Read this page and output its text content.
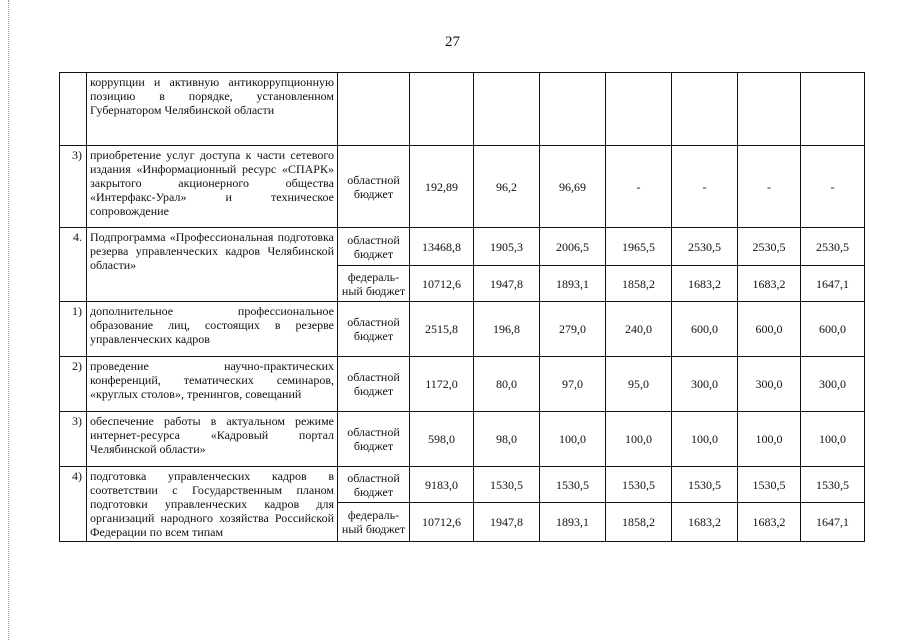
27
	коррупции и активную антикоррупционную позицию в порядке, установленном Губернатором Челябинской области								
3)	приобретение услуг доступа к части сетевого издания «Информационный ресурс «СПАРК» закрытого акционерного общества «Интерфакс-Урал» и техническое сопровождение	областной бюджет	192,89	96,2	96,69	-	-	-	-
4.	Подпрограмма «Профессиональная подготовка резерва управленческих кадров Челябинской области»	областной бюджет	13468,8	1905,3	2006,5	1965,5	2530,5	2530,5	2530,5
		федераль-ный бюджет	10712,6	1947,8	1893,1	1858,2	1683,2	1683,2	1647,1
1)	дополнительное профессиональное образование лиц, состоящих в резерве управленческих кадров	областной бюджет	2515,8	196,8	279,0	240,0	600,0	600,0	600,0
2)	проведение научно-практических конференций, тематических семинаров, «круглых столов», тренингов, совещаний	областной бюджет	1172,0	80,0	97,0	95,0	300,0	300,0	300,0
3)	обеспечение работы в актуальном режиме интернет-ресурса «Кадровый портал Челябинской области»	областной бюджет	598,0	98,0	100,0	100,0	100,0	100,0	100,0
4)	подготовка управленческих кадров в соответствии с Государственным планом подготовки управленческих кадров для организаций народного хозяйства Российской Федерации по всем типам	областной бюджет	9183,0	1530,5	1530,5	1530,5	1530,5	1530,5	1530,5
		федераль-ный бюджет	10712,6	1947,8	1893,1	1858,2	1683,2	1683,2	1647,1
